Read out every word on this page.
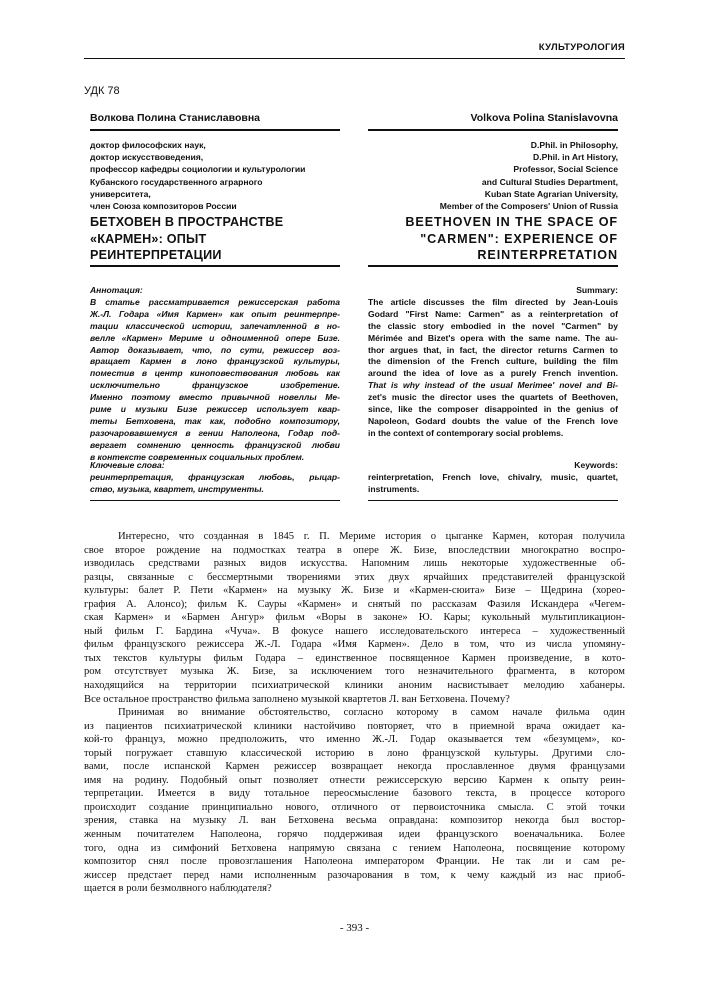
КУЛЬТУРОЛОГИЯ
УДК 78
Волкова Полина Станиславовна	Volkova Polina Stanislavovna
доктор философских наук,
доктор искусствоведения,
профессор кафедры социологии и культурологии
Кубанского государственного аграрного
университета,
член Союза композиторов России
D.Phil. in Philosophy,
D.Phil. in Art History,
Professor, Social Science
and Cultural Studies Department,
Kuban State Agrarian University,
Member of the Composers' Union of Russia
БЕТХОВЕН В ПРОСТРАНСТВЕ
«КАРМЕН»: ОПЫТ
РЕИНТЕРПРЕТАЦИИ
BEETHOVEN IN THE SPACE OF
"CARMEN": EXPERIENCE OF
REINTERPRETATION
Аннотация:
В статье рассматривается режиссерская работа
Ж.-Л. Годара «Имя Кармен» как опыт реинтерпре-
тации классической истории, запечатленной в но-
велле «Кармен» Мериме и одноименной опере Бизе.
Автор доказывает, что, по сути, режиссер воз-
вращает Кармен в лоно французской культуры,
поместив в центр киноповествования любовь как
исключительно        французское        изобретение.
Именно поэтому вместо привычной новеллы Ме-
риме и музыки Бизе режиссер использует квар-
теты Бетховена, так как, подобно композитору,
разочаровавшемуся в гении Наполеона, Годар под-
вергает сомнению ценность французской любви
в контексте современных социальных проблем.
Summary:
The article discusses the film directed by Jean-Louis
Godard "First Name: Carmen" as a reinterpretation of
the classic story embodied in the novel "Carmen" by
Mérimée and Bizet's opera with the same name. The au-
thor argues that, in fact, the director returns Carmen to
the dimension of the French culture, building the film
around the idea of love as a purely French invention.
That is why instead of the usual Merimee' novel and Bi-
zet's music the director uses the quartets of Beethoven,
since, like the composer disappointed in the genius of
Napoleon, Godard doubts the value of the French love
in the context of contemporary social problems.
Ключевые слова:
реинтерпретация, французская любовь, рыцар-
ство, музыка, квартет, инструменты.
Keywords:
reinterpretation, French love, chivalry, music, quartet,
instruments.
Интересно, что созданная в 1845 г. П. Мериме история о цыганке Кармен, которая получила
свое второе рождение на подмостках театра в опере Ж. Бизе, впоследствии многократно воспро-
изводилась средствами разных видов искусства. Напомним лишь некоторые художественные об-
разцы, связанные с бессмертными творениями этих двух ярчайших представителей французской
культуры: балет Р. Пети «Кармен» на музыку Ж. Бизе и «Кармен-сюита» Бизе – Щедрина (хорео-
графия А. Алонсо); фильм К. Сауры «Кармен» и снятый по рассказам Фазиля Искандера «Чегем-
ская Кармен» и «Бармен Ангур» фильм «Воры в законе» Ю. Кары; кукольный мультипликацион-
ный фильм Г. Бардина «Чуча». В фокусе нашего исследовательского интереса – художественный
фильм французского режиссера Ж.-Л. Годара «Имя Кармен». Дело в том, что из числа упомяну-
тых текстов культуры фильм Годара – единственное посвященное Кармен произведение, в кото-
ром отсутствует музыка Ж. Бизе, за исключением того незначительного фрагмента, в котором
находящийся на территории психиатрической клиники аноним насвистывает мелодию хабанеры.
Все остальное пространство фильма заполнено музыкой квартетов Л. ван Бетховена. Почему?
Принимая во внимание обстоятельство, согласно которому в самом начале фильма один
из пациентов психиатрической клиники настойчиво повторяет, что в приемной врача ожидает ка-
кой-то француз, можно предположить, что именно Ж.-Л. Годар оказывается тем «безумцем», ко-
торый погружает ставшую классической историю в лоно французской культуры. Другими сло-
вами, после испанской Кармен режиссер возвращает некогда прославленное двумя французами
имя на родину. Подобный опыт позволяет отнести режиссерскую версию Кармен к опыту реин-
терпретации. Имеется в виду тотальное переосмысление базового текста, в процессе которого
происходит создание принципиально нового, отличного от первоисточника смысла. С этой точки
зрения, ставка на музыку Л. ван Бетховена весьма оправдана: композитор некогда был востор-
женным почитателем Наполеона, горячо поддерживая идеи французского военачальника. Более
того, одна из симфоний Бетховена напрямую связана с гением Наполеона, посвящение которому
композитор снял после провозглашения Наполеона императором Франции. Не так ли и сам ре-
жиссер предстает перед нами исполненным разочарования в том, к чему каждый из нас приоб-
щается в роли безмолвного наблюдателя?
- 393 -
